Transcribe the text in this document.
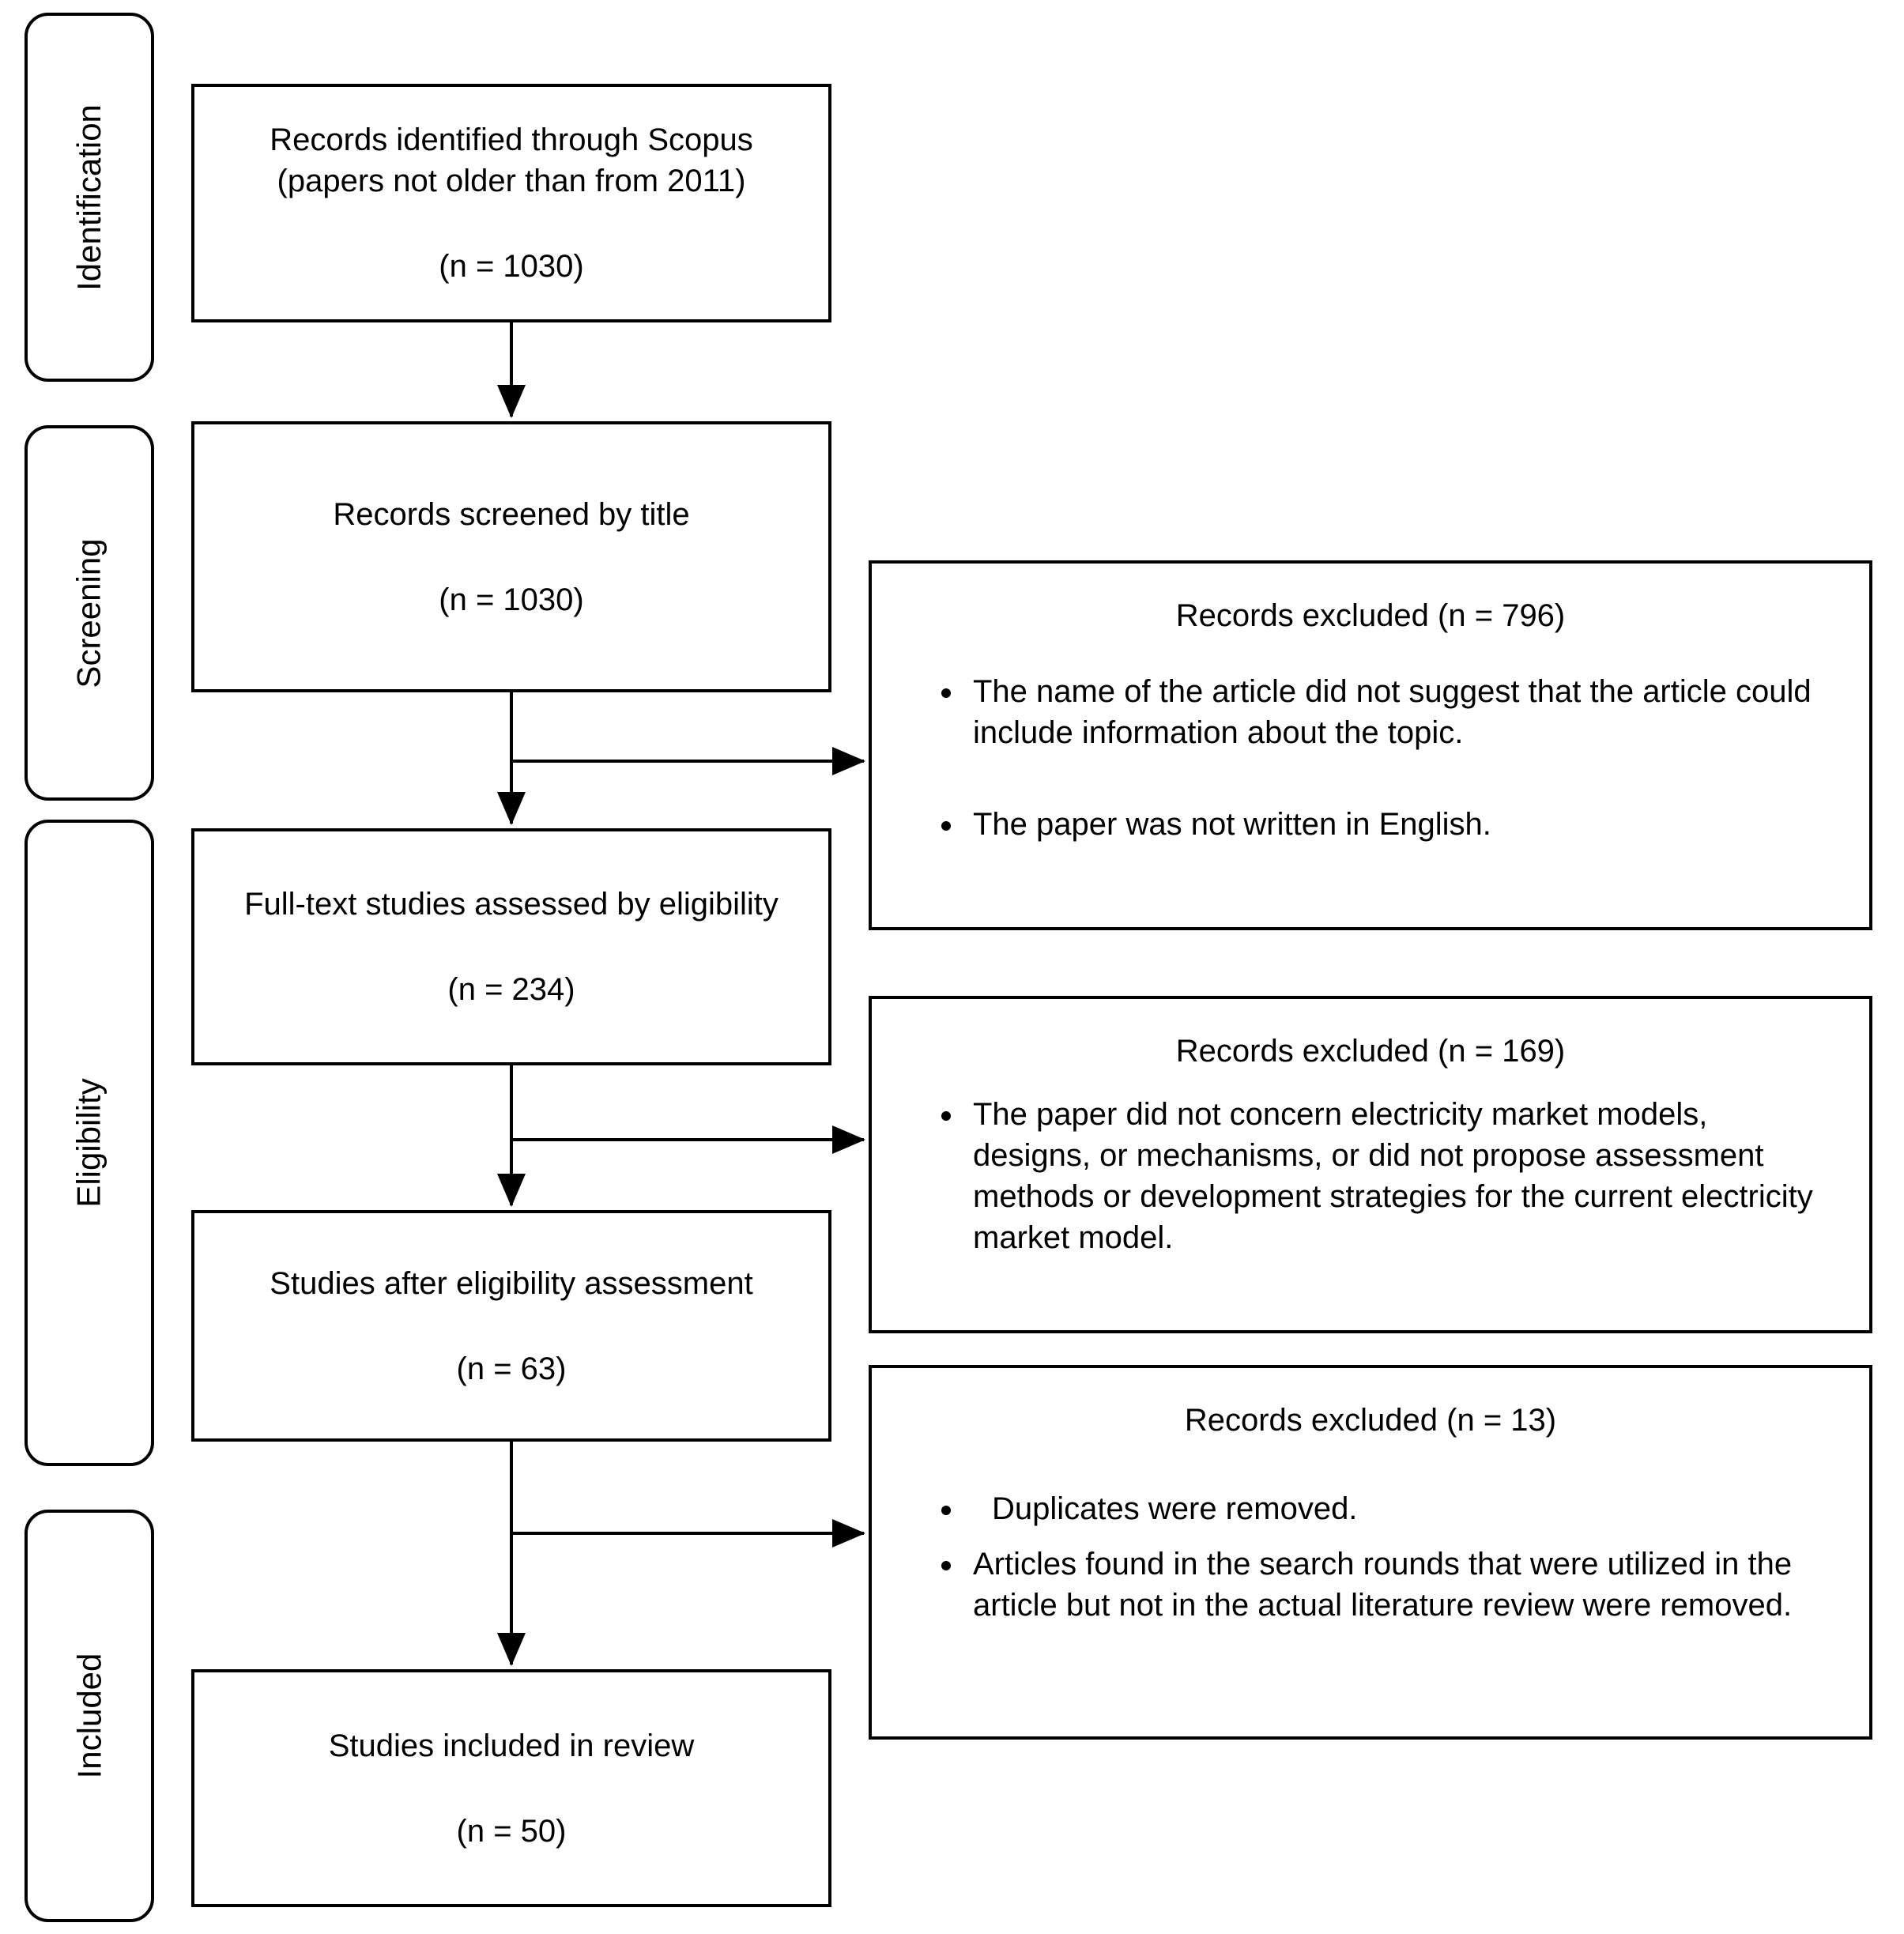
Identification
Screening
Eligibility
Included
Records identified through Scopus (papers not older than from 2011)
(n = 1030)
Records screened by title
(n = 1030)
Full-text studies assessed by eligibility
(n = 234)
Studies after eligibility assessment
(n = 63)
Studies included in review
(n = 50)
Records excluded (n = 796)
• The name of the article did not suggest that the article could include information about the topic.
• The paper was not written in English.
Records excluded (n = 169)
• The paper did not concern electricity market models, designs, or mechanisms, or did not propose assessment methods or development strategies for the current electricity market model.
Records excluded (n = 13)
• Duplicates were removed.
• Articles found in the search rounds that were utilized in the article but not in the actual literature review were removed.
